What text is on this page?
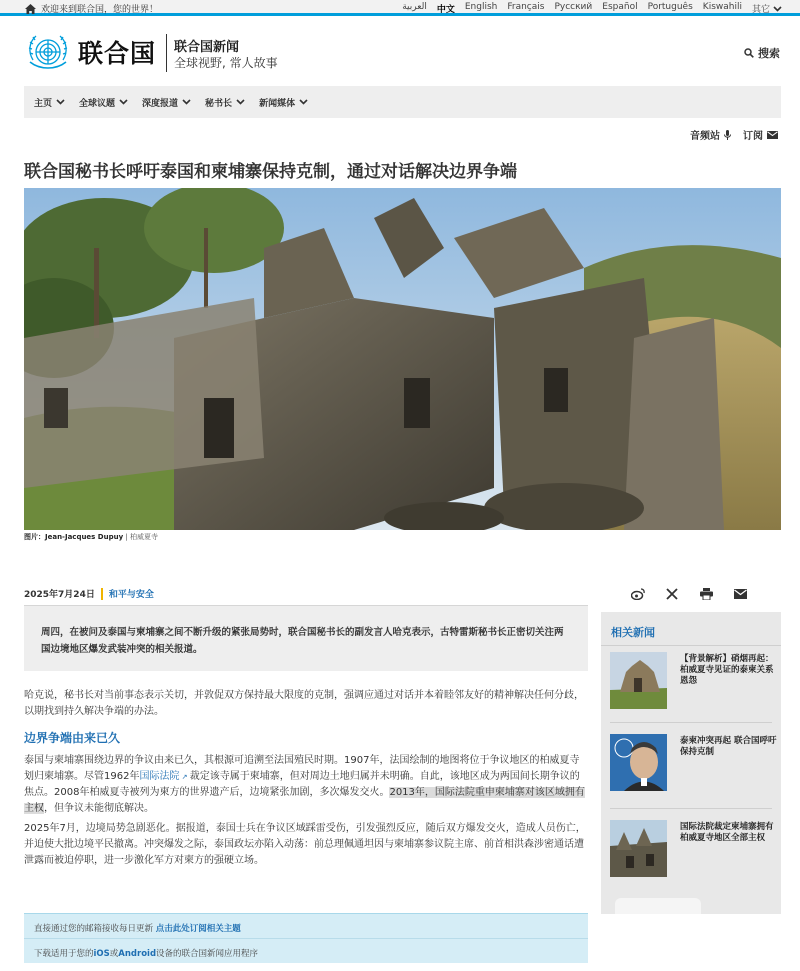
欢迎来到联合国，您的世界！	العربية 中文 English Français Русский Español Português Kiswahili 其它
联合国 联合国新闻
全球视野, 常人故事
搜索
主页	全球议题	深度报道	秘书长	新闻媒体
音频站 订阅
联合国秘书长呼吁泰国和柬埔寨保持克制，通过对话解决边界争端
图片：Jean-Jacques Dupuy | 柏威夏寺
2025年7月24日 和平与安全
周四，在被问及泰国与柬埔寨之间不断升级的紧张局势时，联合国秘书长的副发言人哈克表示，古特雷斯秘书长正密切关注两国边境地区爆发武装冲突的相关报道。

哈克说，秘书长对当前事态表示关切，并敦促双方保持最大限度的克制，强调应通过对话并本着睦邻友好的精神解决任何分歧，以期找到持久解决争端的办法。

边界争端由来已久

泰国与柬埔寨围绕边界的争议由来已久，其根源可追溯至法国殖民时期。1907年，法国绘制的地图将位于争议地区的柏威夏寺划归柬埔寨。尽管1962年国际法院 ↗ 裁定该寺属于柬埔寨，但对周边土地归属并未明确。自此，该地区成为两国间长期争议的焦点。2008年柏威夏寺被列为柬方的世界遗产后，边境紧张加剧，多次爆发交火。2013年，国际法院重申柬埔寨对该区域拥有主权，但争议未能彻底解决。

2025年7月，边境局势急剧恶化。据报道，泰国士兵在争议区域踩雷受伤，引发强烈反应，随后双方爆发交火，造成人员伤亡，并迫使大批边境平民撤离。冲突爆发之际，泰国政坛亦陷入动荡：前总理佩通坦因与柬埔寨参议院主席、前首相洪森涉密通话遭泄露而被迫停职，进一步激化军方对柬方的强硬立场。

直接通过您的邮箱接收每日更新 点击此处订阅相关主题
下载适用于您的iOS或Android设备的联合国新闻应用程序
相关新闻
【背景解析】硝烟再起：柏威夏寺见证的泰柬关系恩怨
泰柬冲突再起 联合国呼吁保持克制
国际法院裁定柬埔寨拥有柏威夏寺地区全部主权
